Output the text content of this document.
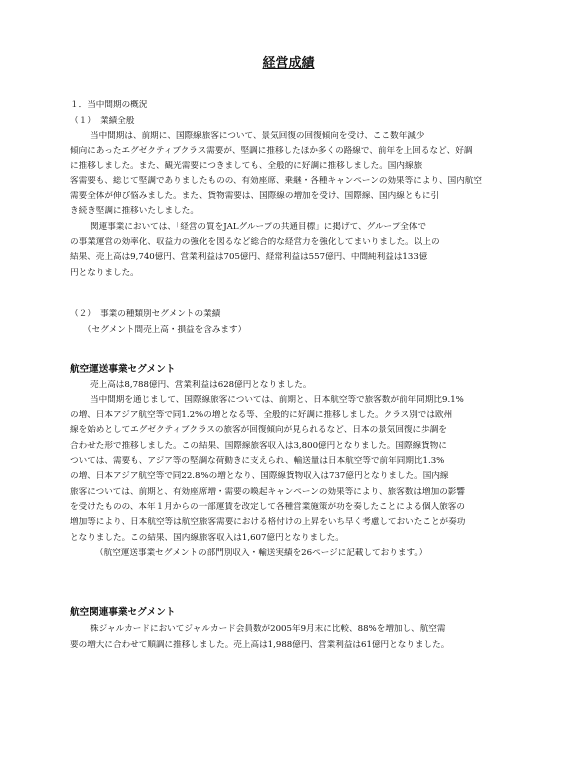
経営成績
１．当中間期の概況
（１）　業績全般
当中間期は、前期に、国際線旅客について、景気回復の回復傾向を受け、ここ数年減少
傾向にあったエグゼクティブクラス需要が、堅調に推移したほか多くの路線で、前年を上回るなど、好調
に推移しました。また、観光需要につきましても、全般的に好調に推移しました。国内線旅
客需要も、総じて堅調でありましたものの、有効座席、乗継・各種キャンペーンの効果等により、国内航空
需要全体が伸び悩みました。また、貨物需要は、国際線の増加を受け、国際線、国内線ともに引
き続き堅調に推移いたしました。
関連事業においては、「経営の質をJALグループの共通目標」に掲げて、グループ全体で
の事業運営の効率化、収益力の強化を図るなど総合的な経営力を強化してまいりました。以上の
結果、売上高は9,740億円、営業利益は705億円、経常利益は557億円、中間純利益は133億
円となりました。
（２）　事業の種類別セグメントの業績
（セグメント間売上高・損益を含みます）
航空運送事業セグメント
売上高は8,788億円、営業利益は628億円となりました。
当中間期を通じまして、国際線旅客については、前期と、日本航空等で旅客数が前年同期比9.1%
の増、日本アジア航空等で同1.2%の増となる等、全般的に好調に推移しました。クラス別では欧州
線を始めとしてエグゼクティブクラスの旅客が回復傾向が見られるなど、日本の景気回復に歩調を
合わせた形で推移しました。この結果、国際線旅客収入は3,800億円となりました。国際線貨物に
ついては、需要も、アジア等の堅調な荷動きに支えられ、輸送量は日本航空等で前年同期比1.3%
の増、日本アジア航空等で同22.8%の増となり、国際線貨物収入は737億円となりました。国内線
旅客については、前期と、有効座席増・需要の喚起キャンペーンの効果等により、旅客数は増加の影響
を受けたものの、本年１月からの一部運賃を改定して各種営業施策が功を奏したことによる個人旅客の
増加等により、日本航空等は航空旅客需要における格付けの上昇をいち早く考慮しておいたことが奏功
となりました。この結果、国内線旅客収入は1,607億円となりました。
（航空運送事業セグメントの部門別収入・輸送実績を26ページに記載しております。）
航空関連事業セグメント
株ジャルカードにおいてジャルカード会員数が2005年9月末に比較、88%を増加し、航空需
要の増大に合わせて順調に推移しました。売上高は1,988億円、営業利益は61億円となりました。
